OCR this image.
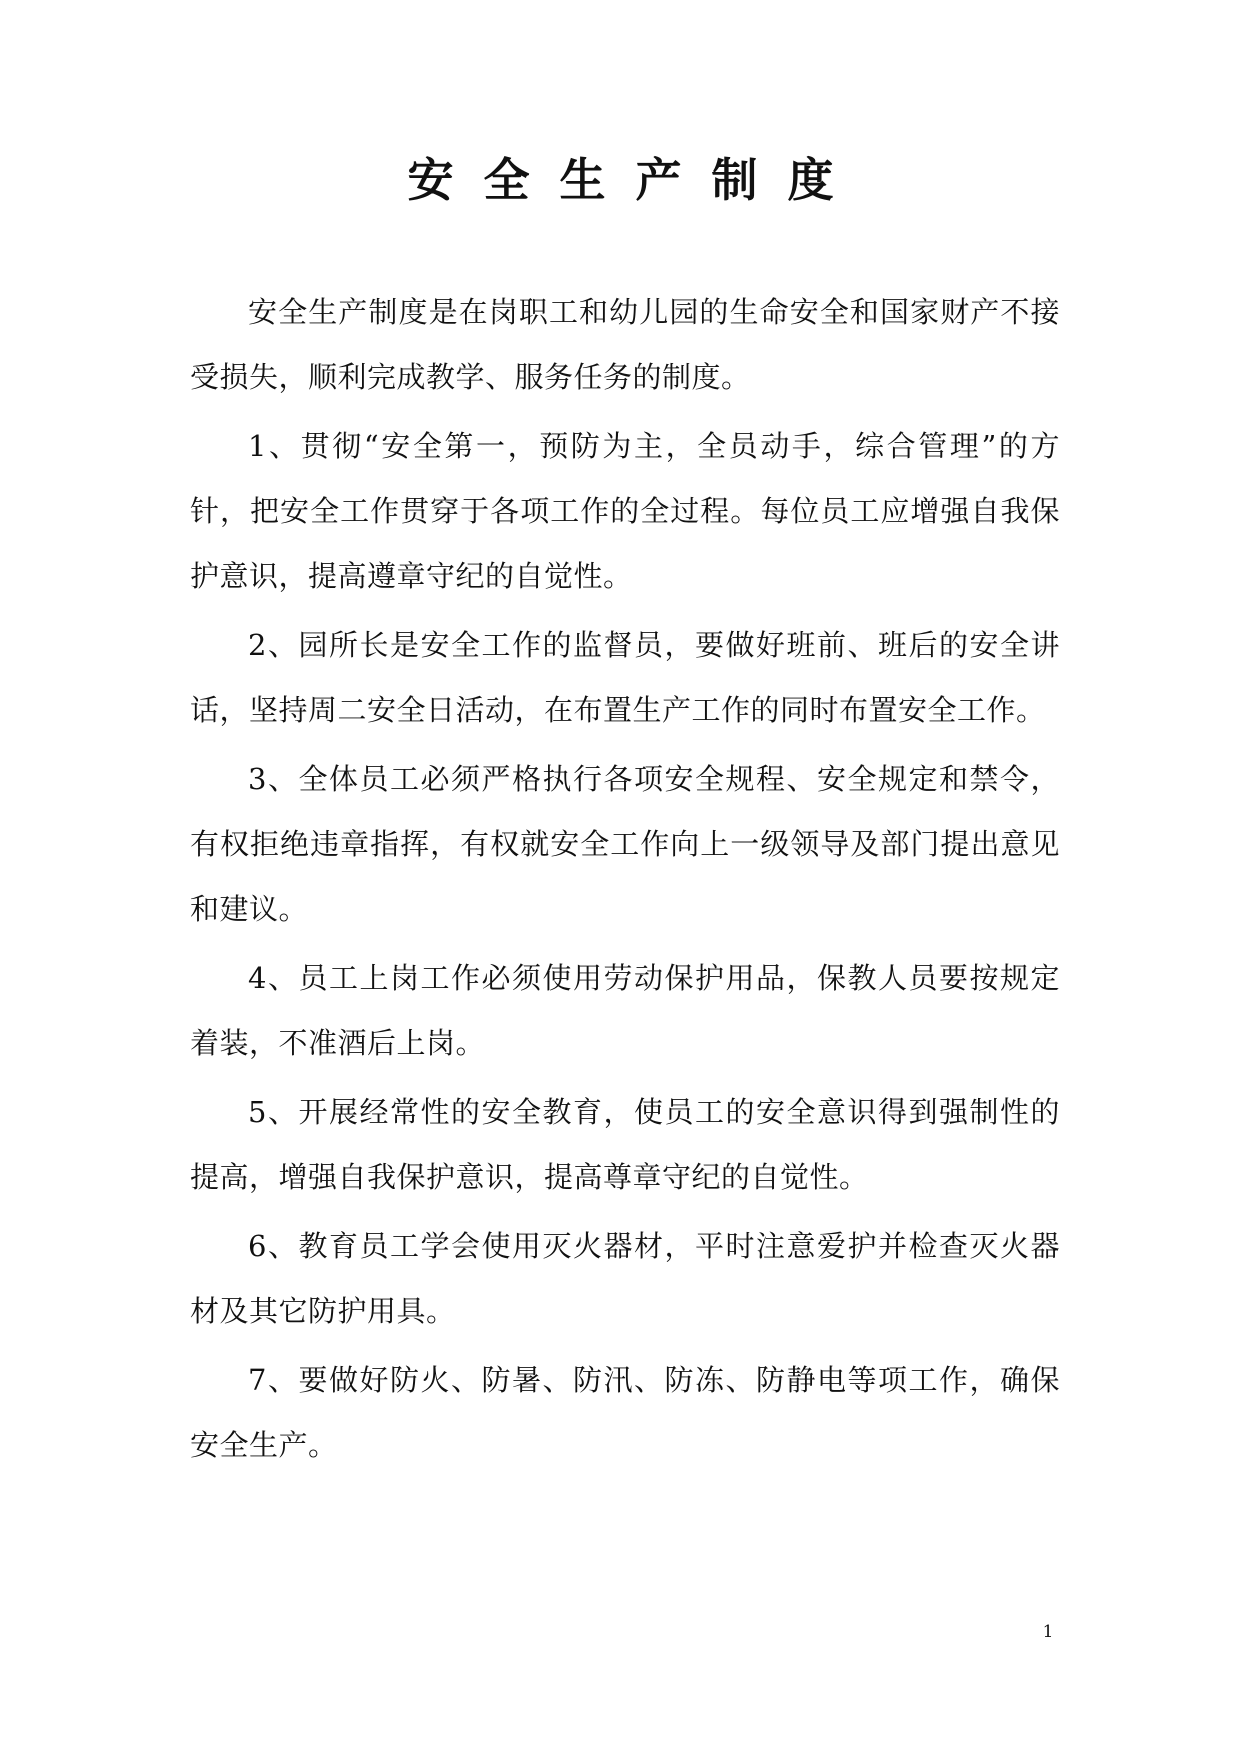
安全生产制度

安全生产制度是在岗职工和幼儿园的生命安全和国家财产不接受损失，顺利完成教学、服务任务的制度。

1、贯彻“安全第一，预防为主，全员动手，综合管理”的方针，把安全工作贯穿于各项工作的全过程。每位员工应增强自我保护意识，提高遵章守纪的自觉性。

2、园所长是安全工作的监督员，要做好班前、班后的安全讲话，坚持周二安全日活动，在布置生产工作的同时布置安全工作。

3、全体员工必须严格执行各项安全规程、安全规定和禁令，有权拒绝违章指挥，有权就安全工作向上一级领导及部门提出意见和建议。

4、员工上岗工作必须使用劳动保护用品，保教人员要按规定着装，不准酒后上岗。

5、开展经常性的安全教育，使员工的安全意识得到强制性的提高，增强自我保护意识，提高尊章守纪的自觉性。

6、教育员工学会使用灭火器材，平时注意爱护并检查灭火器材及其它防护用具。

7、要做好防火、防暑、防汛、防冻、防静电等项工作，确保安全生产。

1
